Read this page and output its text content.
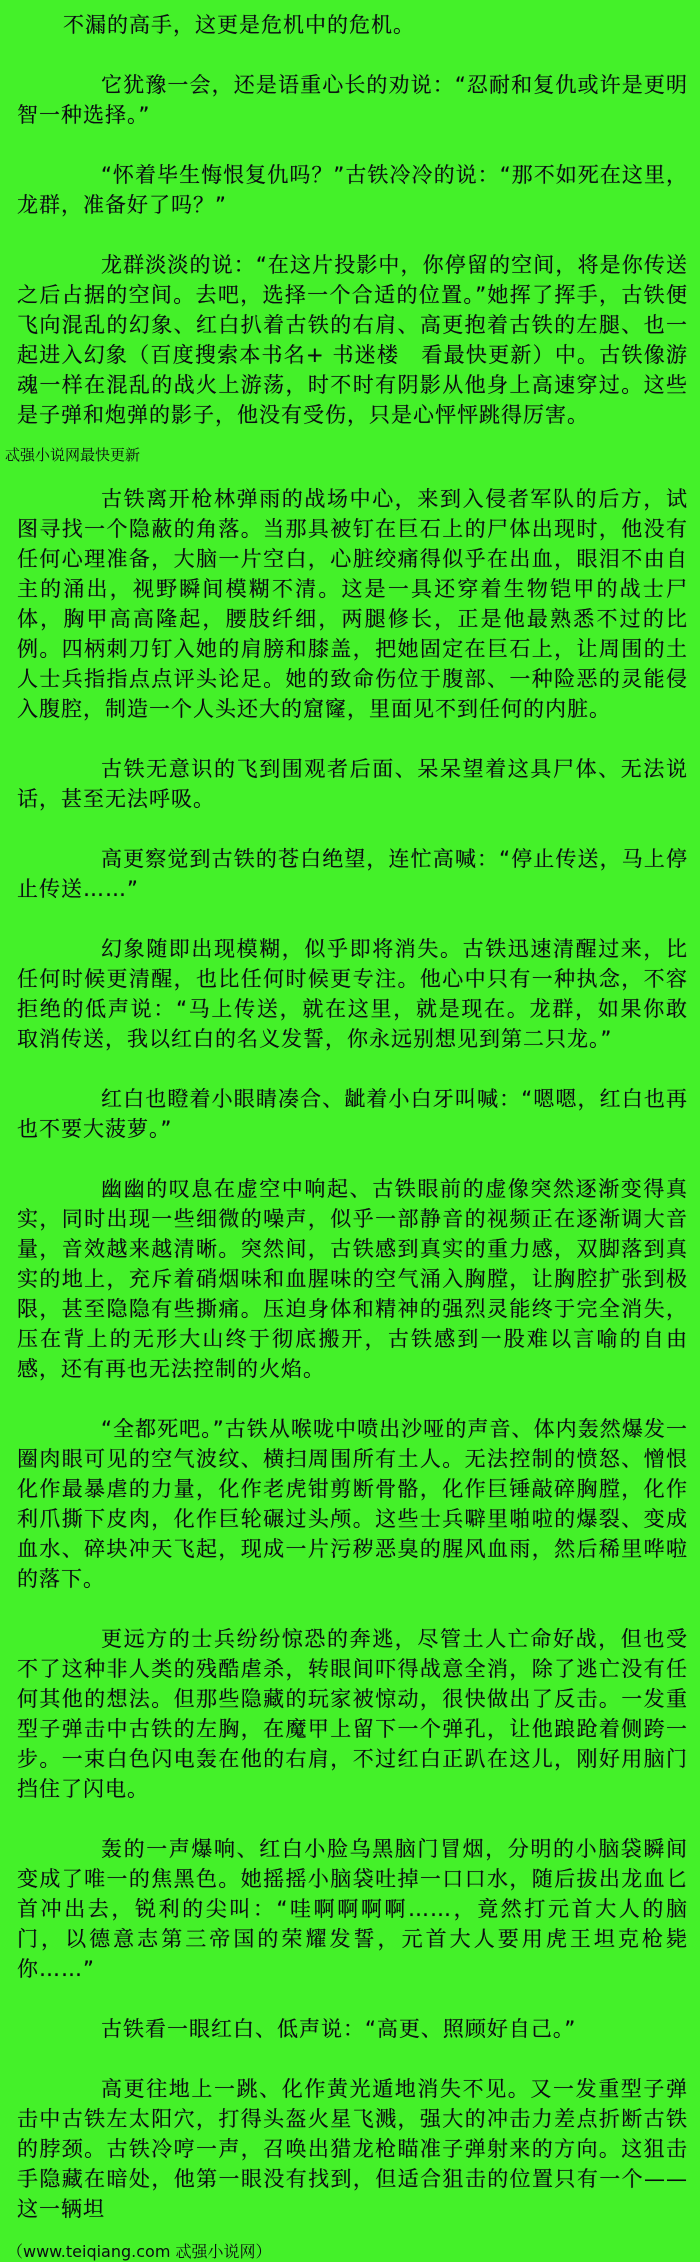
不漏的高手，这更是危机中的危机。

它犹豫一会，还是语重心长的劝说：“忍耐和复仇或许是更明智一种选择。”

“怀着毕生悔恨复仇吗？”古铁冷冷的说：“那不如死在这里，龙群，准备好了吗？”

龙群淡淡的说：“在这片投影中，你停留的空间，将是你传送之后占据的空间。去吧，选择一个合适的位置。”她挥了挥手，古铁便飞向混乱的幻象、红白扒着古铁的右肩、高更抱着古铁的左腿、也一起进入幻象（百度搜索本书名+ 书迷楼　看最快更新）中。古铁像游魂一样在混乱的战火上游荡，时不时有阴影从他身上高速穿过。这些是子弹和炮弹的影子，他没有受伤，只是心怦怦跳得厉害。

忒强小说网最快更新

古铁离开枪林弹雨的战场中心，来到入侵者军队的后方，试图寻找一个隐蔽的角落。当那具被钉在巨石上的尸体出现时，他没有任何心理准备，大脑一片空白，心脏绞痛得似乎在出血，眼泪不由自主的涌出，视野瞬间模糊不清。这是一具还穿着生物铠甲的战士尸体，胸甲高高隆起，腰肢纤细，两腿修长，正是他最熟悉不过的比例。四柄刺刀钉入她的肩膀和膝盖，把她固定在巨石上，让周围的土人士兵指指点点评头论足。她的致命伤位于腹部、一种险恶的灵能侵入腹腔，制造一个人头还大的窟窿，里面见不到任何的内脏。

古铁无意识的飞到围观者后面、呆呆望着这具尸体、无法说话，甚至无法呼吸。

高更察觉到古铁的苍白绝望，连忙高喊：“停止传送，马上停止传送……”

幻象随即出现模糊，似乎即将消失。古铁迅速清醒过来，比任何时候更清醒，也比任何时候更专注。他心中只有一种执念，不容拒绝的低声说：“马上传送，就在这里，就是现在。龙群，如果你敢取消传送，我以红白的名义发誓，你永远别想见到第二只龙。”

红白也瞪着小眼睛凑合、龇着小白牙叫喊：“嗯嗯，红白也再也不要大菠萝。”

幽幽的叹息在虚空中响起、古铁眼前的虚像突然逐渐变得真实，同时出现一些细微的噪声，似乎一部静音的视频正在逐渐调大音量，音效越来越清晰。突然间，古铁感到真实的重力感，双脚落到真实的地上，充斥着硝烟味和血腥味的空气涌入胸膛，让胸腔扩张到极限，甚至隐隐有些撕痛。压迫身体和精神的强烈灵能终于完全消失，压在背上的无形大山终于彻底搬开，古铁感到一股难以言喻的自由感，还有再也无法控制的火焰。

“全都死吧。”古铁从喉咙中喷出沙哑的声音、体内轰然爆发一圈肉眼可见的空气波纹、横扫周围所有土人。无法控制的愤怒、憎恨化作最暴虐的力量，化作老虎钳剪断骨骼，化作巨锤敲碎胸膛，化作利爪撕下皮肉，化作巨轮碾过头颅。这些士兵噼里啪啦的爆裂、变成血水、碎块冲天飞起，现成一片污秽恶臭的腥风血雨，然后稀里哗啦的落下。

更远方的士兵纷纷惊恐的奔逃，尽管土人亡命好战，但也受不了这种非人类的残酷虐杀，转眼间吓得战意全消，除了逃亡没有任何其他的想法。但那些隐藏的玩家被惊动，很快做出了反击。一发重型子弹击中古铁的左胸，在魔甲上留下一个弹孔，让他踉跄着侧跨一步。一束白色闪电轰在他的右肩，不过红白正趴在这儿，刚好用脑门挡住了闪电。

轰的一声爆响、红白小脸乌黑脑门冒烟，分明的小脑袋瞬间变成了唯一的焦黑色。她摇摇小脑袋吐掉一口口水，随后拔出龙血匕首冲出去，锐利的尖叫：“哇啊啊啊啊……，竟然打元首大人的脑门，以德意志第三帝国的荣耀发誓，元首大人要用虎王坦克枪毙你……”

古铁看一眼红白、低声说：“高更、照顾好自己。”

高更往地上一跳、化作黄光遁地消失不见。又一发重型子弹击中古铁左太阳穴，打得头盔火星飞溅，强大的冲击力差点折断古铁的脖颈。古铁冷哼一声，召唤出猎龙枪瞄准子弹射来的方向。这狙击手隐藏在暗处，他第一眼没有找到，但适合狙击的位置只有一个——这一辆坦

（www.teiqiang.com 忒强小说网）
